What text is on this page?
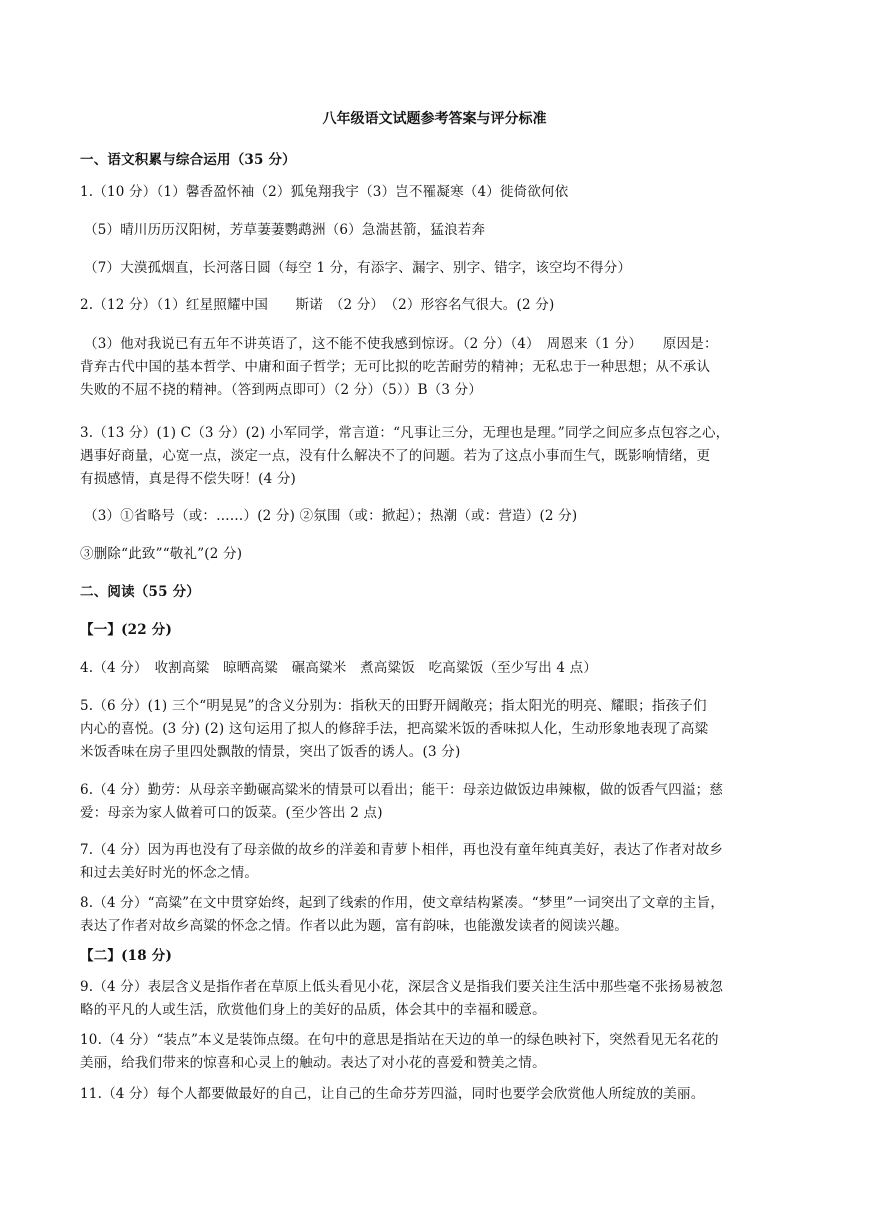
八年级语文试题参考答案与评分标准
一、语文积累与综合运用（35 分）
1.（10 分）（1）馨香盈怀袖（2）狐兔翔我宇（3）岂不罹凝寒（4）徙倚欲何依
（5）晴川历历汉阳树，芳草萋萋鹦鹉洲（6）急湍甚箭，猛浪若奔
（7）大漠孤烟直，长河落日圆（每空 1 分，有添字、漏字、别字、错字，该空均不得分）
2.（12 分）（1）红星照耀中国　　斯诺　（2 分）　（2）形容名气很大。(2 分)
（3）他对我说已有五年不讲英语了，这不能不使我感到惊讶。（2 分）（4）　周恩来（1 分）　　原因是：
背弃古代中国的基本哲学、中庸和面子哲学；无可比拟的吃苦耐劳的精神；无私忠于一种思想；从不承认
失败的不屈不挠的精神。（答到两点即可）（2 分）（5））B（3 分）
3.（13 分）(1) C（3 分）(2) 小军同学，常言道：“凡事让三分，无理也是理。”同学之间应多点包容之心，
遇事好商量，心宽一点，淡定一点，没有什么解决不了的问题。若为了这点小事而生气，既影响情绪，更
有损感情，真是得不偿失呀！(4 分)
（3）①省略号（或：……）(2 分) ②氛围（或：掀起）；热潮（或：营造）(2 分)
③删除“此致”“敬礼”(2 分)
二、阅读（55 分）
【一】(22 分)
4.（4 分）　收割高粱　晾晒高粱　碾高粱米　煮高粱饭　吃高粱饭（至少写出 4 点）
5.（6 分）(1) 三个“明晃晃”的含义分别为：指秋天的田野开阔敞亮；指太阳光的明亮、耀眼；指孩子们
内心的喜悦。(3 分) (2) 这句运用了拟人的修辞手法，把高粱米饭的香味拟人化，生动形象地表现了高粱
米饭香味在房子里四处飘散的情景，突出了饭香的诱人。(3 分)
6.（4 分）勤劳：从母亲辛勤碾高粱米的情景可以看出；能干：母亲边做饭边串辣椒，做的饭香气四溢；慈
爱：母亲为家人做着可口的饭菜。(至少答出 2 点)
7.（4 分）因为再也没有了母亲做的故乡的洋姜和青萝卜相伴，再也没有童年纯真美好，表达了作者对故乡
和过去美好时光的怀念之情。
8.（4 分）“高粱”在文中贯穿始终，起到了线索的作用，使文章结构紧凑。“梦里”一词突出了文章的主旨，
表达了作者对故乡高粱的怀念之情。作者以此为题，富有韵味，也能激发读者的阅读兴趣。
【二】(18 分)
9.（4 分）表层含义是指作者在草原上低头看见小花，深层含义是指我们要关注生活中那些毫不张扬易被忽
略的平凡的人或生活，欣赏他们身上的美好的品质，体会其中的幸福和暖意。
10.（4 分）“装点”本义是装饰点缀。在句中的意思是指站在天边的单一的绿色映衬下，突然看见无名花的
美丽，给我们带来的惊喜和心灵上的触动。表达了对小花的喜爱和赞美之情。
11.（4 分）每个人都要做最好的自己，让自己的生命芬芳四溢，同时也要学会欣赏他人所绽放的美丽。
